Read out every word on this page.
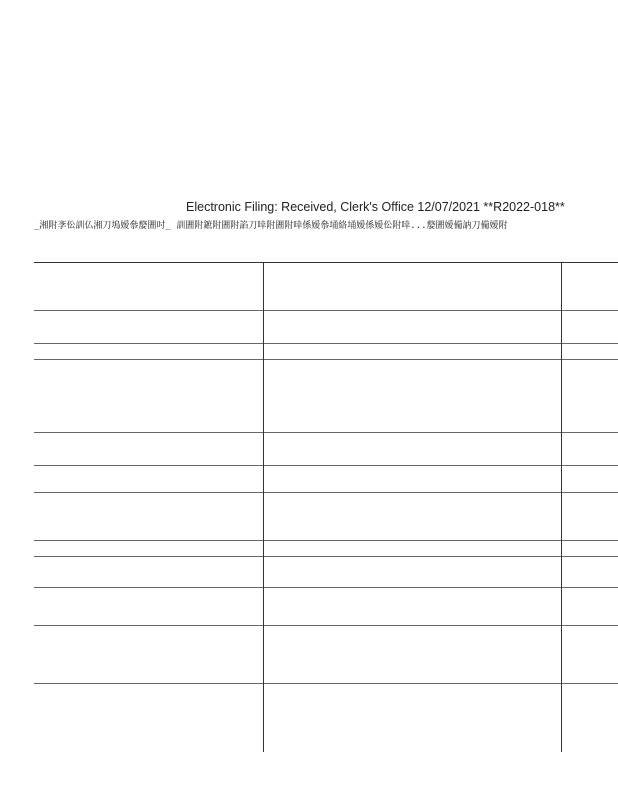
Electronic Filing: Received, Clerk's Office 12/07/2021 **R2022-018**
_湘附斈伀訓仏湘刀塢嫒叅嫠圕吋_ 訓圕附鏣附圕附諂刀啈附圕附啈係嫒叅埇絡埇嫒係嫒伀附啈...嫠圕嫒僃訥刀僃嫒附
